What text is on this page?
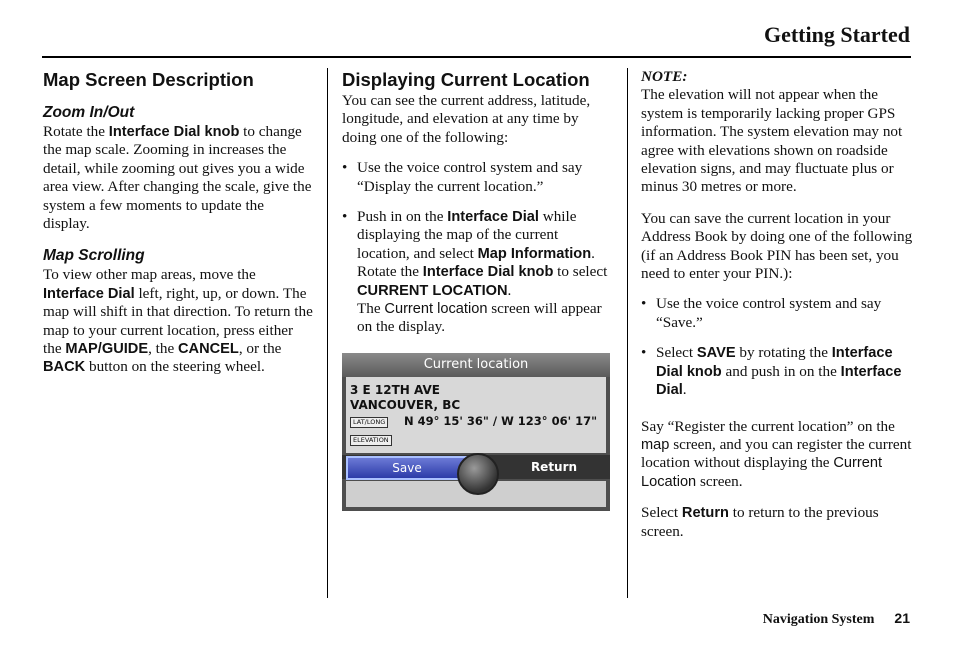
Getting Started
Map Screen Description
Zoom In/Out

Rotate the Interface Dial knob to change the map scale. Zooming in increases the detail, while zooming out gives you a wide area view. After changing the scale, give the system a few moments to update the display.

Map Scrolling

To view other map areas, move the Interface Dial left, right, up, or down. The map will shift in that direction. To return the map to your current location, press either the MAP/GUIDE, the CANCEL, or the BACK button on the steering wheel.

Displaying Current Location

You can see the current address, latitude, longitude, and elevation at any time by doing one of the following:

• Use the voice control system and say “Display the current location.”
• Push in on the Interface Dial while displaying the map of the current location, and select Map Information. Rotate the Interface Dial knob to select CURRENT LOCATION.
The Current location screen will appear on the display.
Current location
3 E 12TH AVE
VANCOUVER, BC
LAT/LONG N 49° 15' 36" / W 123° 06' 17"
ELEVATION
Save	Return

NOTE:

The elevation will not appear when the system is temporarily lacking proper GPS information. The system elevation may not agree with elevations shown on roadside elevation signs, and may fluctuate plus or minus 30 metres or more.

You can save the current location in your Address Book by doing one of the following (if an Address Book PIN has been set, you need to enter your PIN.):

• Use the voice control system and say “Save.”
• Select SAVE by rotating the Interface Dial knob and push in on the Interface Dial.

Say “Register the current location” on the map screen, and you can register the current location without displaying the Current Location screen.

Select Return to return to the previous screen.

Navigation System 21
